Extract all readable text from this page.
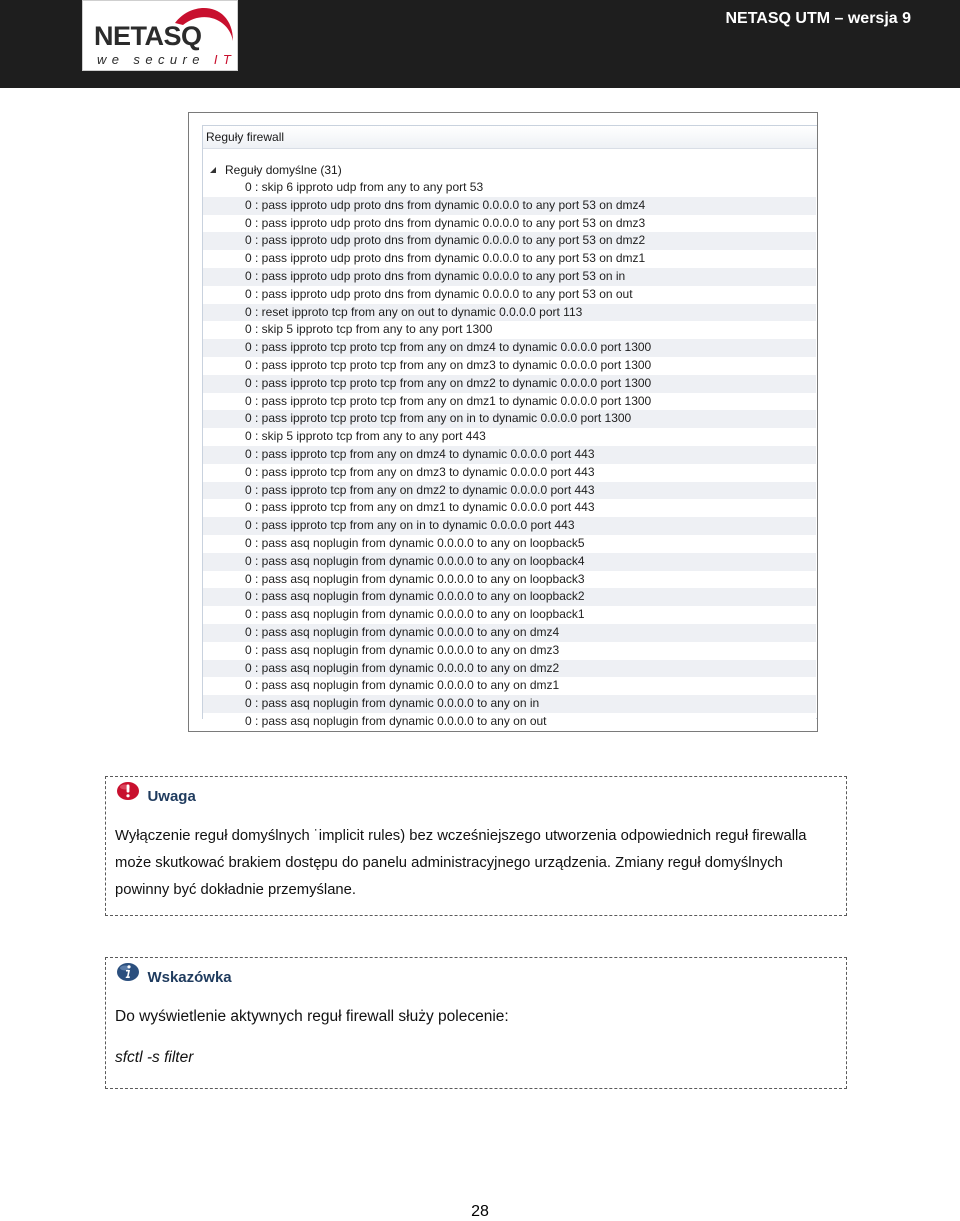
NETASQ
we secure IT
NETASQ UTM – wersja 9
Reguły firewall
Reguły domyślne (31)
0 : skip 6 ipproto udp from any to any port 53
0 : pass ipproto udp proto dns from dynamic 0.0.0.0 to any port 53 on dmz4
0 : pass ipproto udp proto dns from dynamic 0.0.0.0 to any port 53 on dmz3
0 : pass ipproto udp proto dns from dynamic 0.0.0.0 to any port 53 on dmz2
0 : pass ipproto udp proto dns from dynamic 0.0.0.0 to any port 53 on dmz1
0 : pass ipproto udp proto dns from dynamic 0.0.0.0 to any port 53 on in
0 : pass ipproto udp proto dns from dynamic 0.0.0.0 to any port 53 on out
0 : reset ipproto tcp from any on out to dynamic 0.0.0.0 port 113
0 : skip 5 ipproto tcp from any to any port 1300
0 : pass ipproto tcp proto tcp from any on dmz4 to dynamic 0.0.0.0 port 1300
0 : pass ipproto tcp proto tcp from any on dmz3 to dynamic 0.0.0.0 port 1300
0 : pass ipproto tcp proto tcp from any on dmz2 to dynamic 0.0.0.0 port 1300
0 : pass ipproto tcp proto tcp from any on dmz1 to dynamic 0.0.0.0 port 1300
0 : pass ipproto tcp proto tcp from any on in to dynamic 0.0.0.0 port 1300
0 : skip 5 ipproto tcp from any to any port 443
0 : pass ipproto tcp from any on dmz4 to dynamic 0.0.0.0 port 443
0 : pass ipproto tcp from any on dmz3 to dynamic 0.0.0.0 port 443
0 : pass ipproto tcp from any on dmz2 to dynamic 0.0.0.0 port 443
0 : pass ipproto tcp from any on dmz1 to dynamic 0.0.0.0 port 443
0 : pass ipproto tcp from any on in to dynamic 0.0.0.0 port 443
0 : pass asq noplugin from dynamic 0.0.0.0 to any on loopback5
0 : pass asq noplugin from dynamic 0.0.0.0 to any on loopback4
0 : pass asq noplugin from dynamic 0.0.0.0 to any on loopback3
0 : pass asq noplugin from dynamic 0.0.0.0 to any on loopback2
0 : pass asq noplugin from dynamic 0.0.0.0 to any on loopback1
0 : pass asq noplugin from dynamic 0.0.0.0 to any on dmz4
0 : pass asq noplugin from dynamic 0.0.0.0 to any on dmz3
0 : pass asq noplugin from dynamic 0.0.0.0 to any on dmz2
0 : pass asq noplugin from dynamic 0.0.0.0 to any on dmz1
0 : pass asq noplugin from dynamic 0.0.0.0 to any on in
0 : pass asq noplugin from dynamic 0.0.0.0 to any on out
Uwaga
Wyłączenie reguł domyślnych ˙implicit rules) bez wcześniejszego utworzenia odpowiednich reguł firewalla może skutkować brakiem dostępu do panelu administracyjnego urządzenia. Zmiany reguł domyślnych powinny być dokładnie przemyślane.
Wskazówka
Do wyświetlenie aktywnych reguł firewall służy polecenie:
sfctl -s filter
28
